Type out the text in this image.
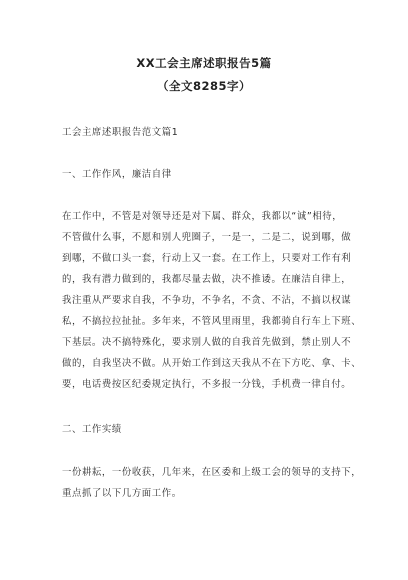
XX工会主席述职报告5篇
（全文8285字）
工会主席述职报告范文篇1
一、工作作风，廉洁自律
在工作中，不管是对领导还是对下属、群众，我都以“诚”相待，
不管做什么事，不愿和别人兜圈子，一是一，二是二，说到哪，做
到哪，不做口头一套，行动上又一套。在工作上，只要对工作有利
的，我有潜力做到的，我都尽量去做，决不推诿。在廉洁自律上，
我注重从严要求自我，不争功，不争名，不贪、不沾，不搞以权谋
私，不搞拉拉扯扯。多年来，不管风里雨里，我都骑自行车上下班、
下基层。决不搞特殊化，要求别人做的自我首先做到，禁止别人不
做的，自我坚决不做。从开始工作到这天我从不在下方吃、拿、卡、
要，电话费按区纪委规定执行，不多报一分钱，手机费一律自付。
二、工作实绩
一份耕耘，一份收获，几年来，在区委和上级工会的领导的支持下，
重点抓了以下几方面工作。
